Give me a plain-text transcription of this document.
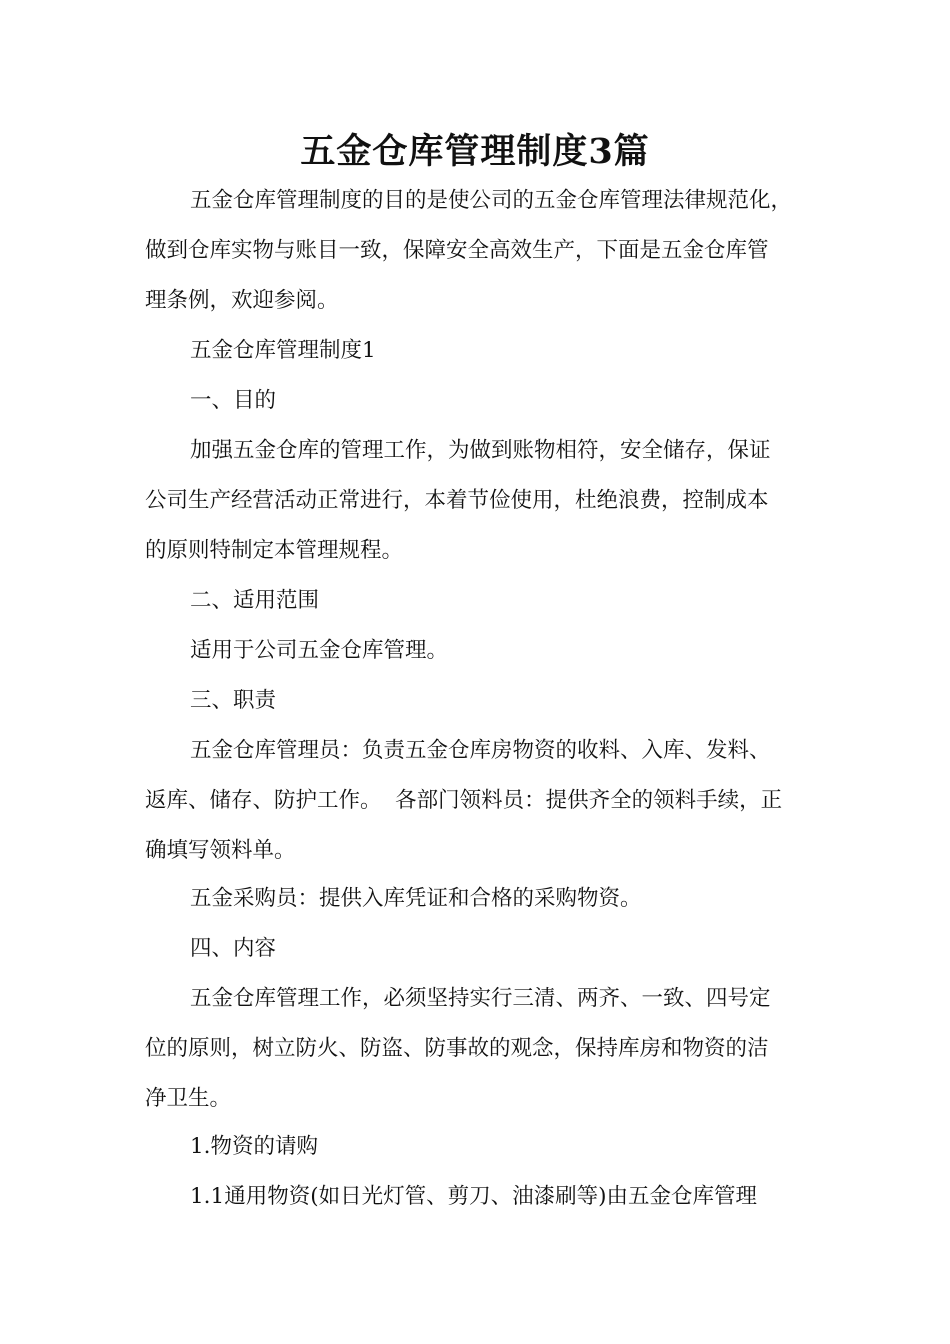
五金仓库管理制度3篇
五金仓库管理制度的目的是使公司的五金仓库管理法律规范化，
做到仓库实物与账目一致，保障安全高效生产，下面是五金仓库管
理条例，欢迎参阅。
五金仓库管理制度1
一、目的
加强五金仓库的管理工作，为做到账物相符，安全储存，保证
公司生产经营活动正常进行，本着节俭使用，杜绝浪费，控制成本
的原则特制定本管理规程。
二、适用范围
适用于公司五金仓库管理。
三、职责
五金仓库管理员：负责五金仓库房物资的收料、入库、发料、
返库、储存、防护工作。  各部门领料员：提供齐全的领料手续，正
确填写领料单。
五金采购员：提供入库凭证和合格的采购物资。
四、内容
五金仓库管理工作，必须坚持实行三清、两齐、一致、四号定
位的原则，树立防火、防盗、防事故的观念，保持库房和物资的洁
净卫生。
1.物资的请购
1.1通用物资(如日光灯管、剪刀、油漆刷等)由五金仓库管理
